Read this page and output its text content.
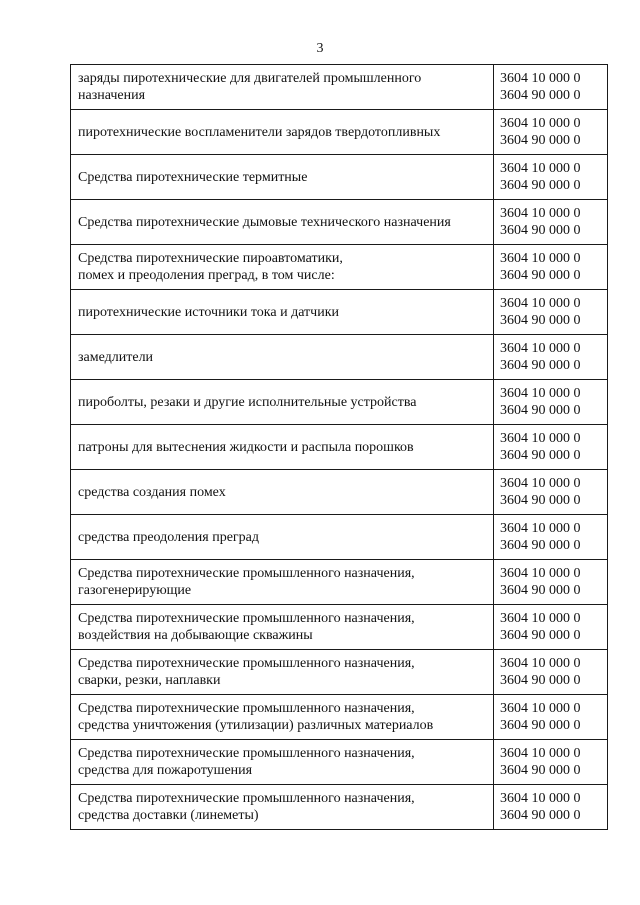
3
заряды пиротехнические для двигателей промышленного
назначения	3604 10 000 0
3604 90 000 0

пиротехнические воспламенители зарядов твердотопливных	3604 10 000 0
3604 90 000 0

Средства пиротехнические термитные	3604 10 000 0
3604 90 000 0

Средства пиротехнические дымовые технического назначения	3604 10 000 0
3604 90 000 0

Средства пиротехнические пироавтоматики,
помех и преодоления преград, в том числе:	3604 10 000 0
3604 90 000 0

пиротехнические источники тока и датчики	3604 10 000 0
3604 90 000 0

замедлители	3604 10 000 0
3604 90 000 0

пироболты, резаки и другие исполнительные устройства	3604 10 000 0
3604 90 000 0

патроны для вытеснения жидкости и распыла порошков	3604 10 000 0
3604 90 000 0

средства создания помех	3604 10 000 0
3604 90 000 0

средства преодоления преград	3604 10 000 0
3604 90 000 0

Средства пиротехнические промышленного назначения,
газогенерирующие	3604 10 000 0
3604 90 000 0

Средства пиротехнические промышленного назначения,
воздействия на добывающие скважины	3604 10 000 0
3604 90 000 0

Средства пиротехнические промышленного назначения,
сварки, резки, наплавки	3604 10 000 0
3604 90 000 0

Средства пиротехнические промышленного назначения,
средства уничтожения (утилизации) различных материалов	3604 10 000 0
3604 90 000 0

Средства пиротехнические промышленного назначения,
средства для пожаротушения	3604 10 000 0
3604 90 000 0

Средства пиротехнические промышленного назначения,
средства доставки (линеметы)	3604 10 000 0
3604 90 000 0
